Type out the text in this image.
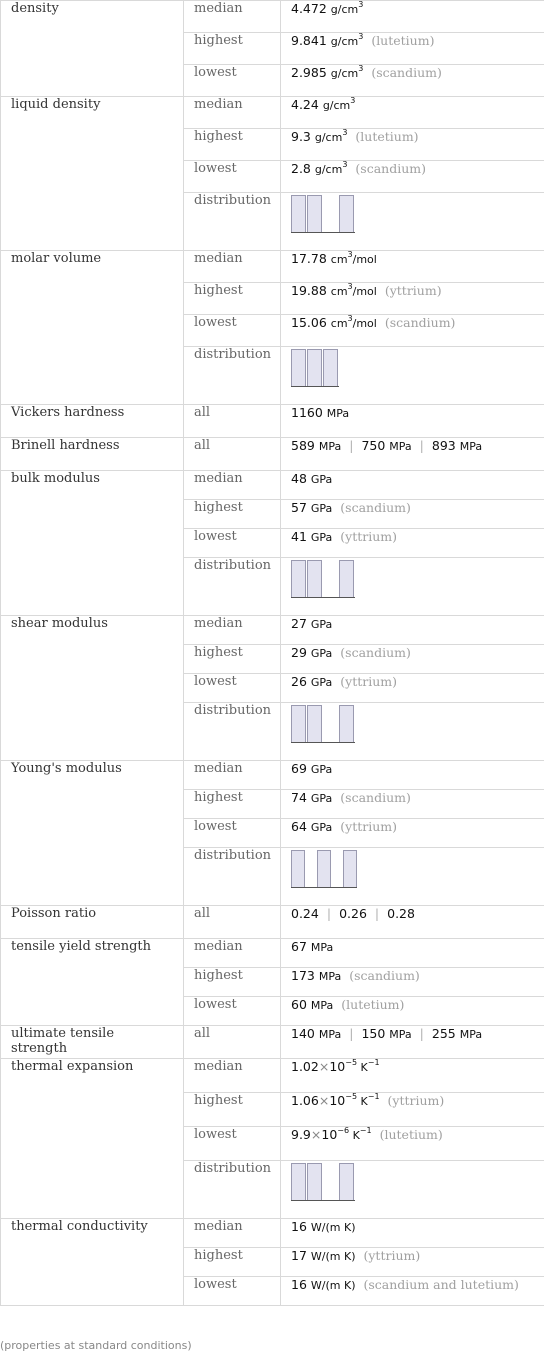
density	median	4.472 $g/cm^3$
	highest	9.841 $g/cm^3$ (lutetium)
	lowest	2.985 $g/cm^3$ (scandium)
liquid density	median	4.24 $g/cm^3$
	highest	9.3 $g/cm^3$ (lutetium)
	lowest	2.8 $g/cm^3$ (scandium)
	distribution	

molar volume	median	17.78 $cm^3$/mol
	highest	19.88 $cm^3$/mol (yttrium)
	lowest	15.06 $cm^3$/mol (scandium)
	distribution	

Vickers hardness	all	1160 MPa
Brinell hardness	all	589 MPa | 750 MPa | 893 MPa
bulk modulus	median	48 GPa
	highest	57 GPa (scandium)
	lowest	41 GPa (yttrium)
	distribution	

shear modulus	median	27 GPa
	highest	29 GPa (scandium)
	lowest	26 GPa (yttrium)
	distribution	

Young's modulus	median	69 GPa
	highest	74 GPa (scandium)
	lowest	64 GPa (yttrium)
	distribution	

Poisson ratio	all	0.24 | 0.26 | 0.28
tensile yield strength	median	67 MPa
	highest	173 MPa (scandium)
	lowest	60 MPa (lutetium)
ultimate tensile strength	all	140 MPa | 150 MPa | 255 MPa
thermal expansion	median	$1.02\times 10^{-5}$ $K^{-1}$
	highest	$1.06\times 10^{-5}$ $K^{-1}$ (yttrium)
	lowest	$9.9\times 10^{-6}$ $K^{-1}$ (lutetium)
	distribution	

thermal conductivity	median	16 W/(m K)
	highest	17 W/(m K) (yttrium)
	lowest	16 W/(m K) (scandium and lutetium)
(properties at standard conditions)
